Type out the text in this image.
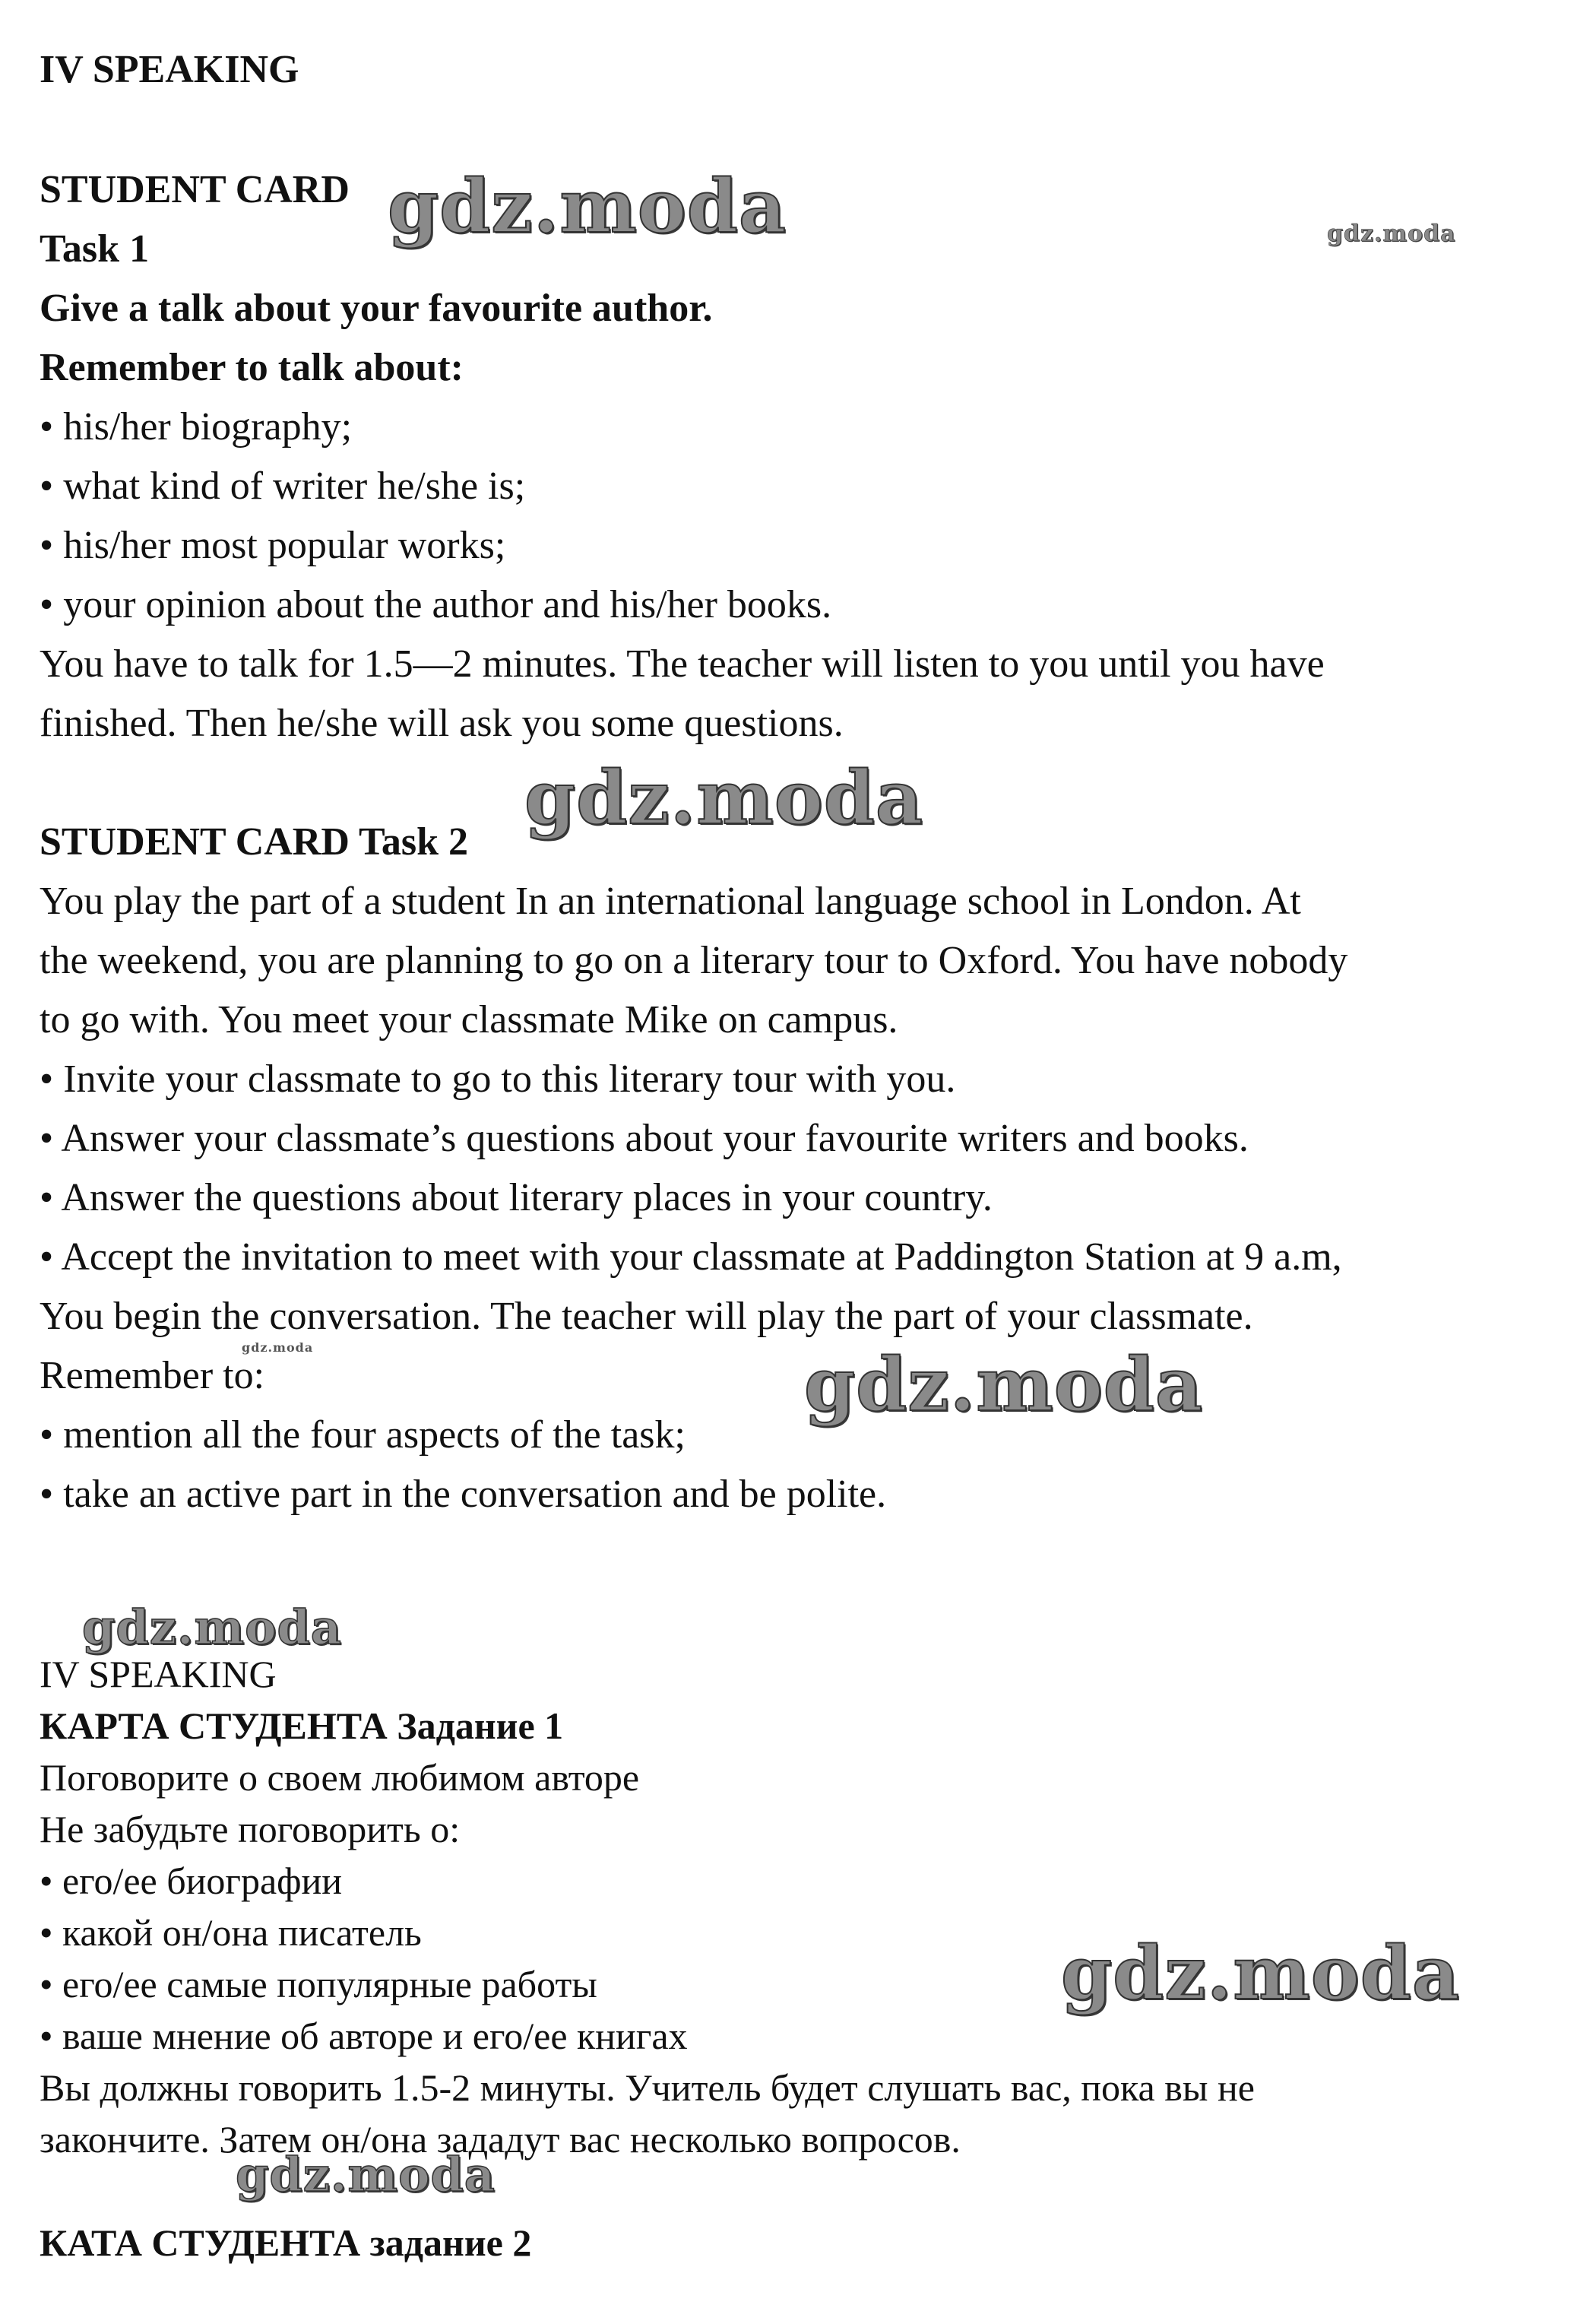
IV SPEAKING
STUDENT CARD
Task 1
Give a talk about your favourite author.
Remember to talk about:
• his/her biography;
• what kind of writer he/she is;
• his/her most popular works;
• your opinion about the author and his/her books.
You have to talk for 1.5—2 minutes. The teacher will listen to you until you have
finished. Then he/she will ask you some questions.
STUDENT CARD Task 2
You play the part of a student In an international language school in London. At
the weekend, you are planning to go on a literary tour to Oxford. You have nobody
to go with. You meet your classmate Mike on campus.
• Invite your classmate to go to this literary tour with you.
• Answer your classmate’s questions about your favourite writers and books.
• Answer the questions about literary places in your country.
• Accept the invitation to meet with your classmate at Paddington Station at 9 a.m,
You begin the conversation. The teacher will play the part of your classmate.
Remember to:
• mention all the four aspects of the task;
• take an active part in the conversation and be polite.
IV SPEAKING
КАРТА СТУДЕНТА Задание 1
Поговорите о своем любимом авторе
Не забудьте поговорить о:
• его/ее биографии
• какой он/она писатель
• его/ее самые популярные работы
• ваше мнение об авторе и его/ее книгах
Вы должны говорить 1.5-2 минуты. Учитель будет слушать вас, пока вы не
закончите. Затем он/она зададут вас несколько вопросов.
КАТА СТУДЕНТА задание 2
gdz.moda	gdz.moda
gdz.moda
gdz.moda	gdz.moda
gdz.moda
gdz.moda
gdz.moda
